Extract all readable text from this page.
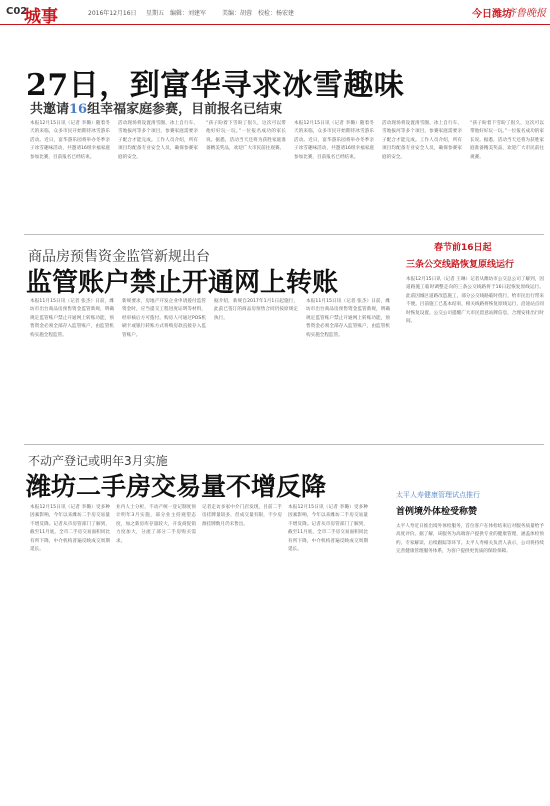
C02
城事	2016年12月16日 星期五 编辑：刘建军	美编：胡蓉 校检：杨宏建	今日潍坊
齐鲁晚报
27日，到富华寻求冰雪趣味
共邀请16组幸福家庭参赛，目前报名已结束
本报12月15日讯（记者 李璐）随着冬天的来临，众多市民开始期待冰雪游乐活动。近日，富华游乐园将举办冬季亲子冰雪趣味活动，共邀请16组幸福家庭参加比赛，目前报名已经结束。
活动现场将设置滑雪圈、冰上自行车、雪地拔河等多个项目，参赛家庭需要亲子配合才能完成。工作人员介绍，所有项目均配备专业安全人员，确保参赛家庭的安全。
“孩子盼着下雪盼了很久，这次可以带他好好玩一玩。”一位报名成功的家长说。据悉，活动当天还将为获胜家庭准备精美奖品，欢迎广大市民前往观赛。
本报12月15日讯（记者 李璐）随着冬天的来临，众多市民开始期待冰雪游乐活动。近日，富华游乐园将举办冬季亲子冰雪趣味活动，共邀请16组幸福家庭参加比赛，目前报名已经结束。
活动现场将设置滑雪圈、冰上自行车、雪地拔河等多个项目，参赛家庭需要亲子配合才能完成。工作人员介绍，所有项目均配备专业安全人员，确保参赛家庭的安全。
“孩子盼着下雪盼了很久，这次可以带他好好玩一玩。”一位报名成功的家长说。据悉，活动当天还将为获胜家庭准备精美奖品，欢迎广大市民前往观赛。
商品房预售资金监管新规出台
监管账户禁止开通网上转账
本报11月15日讯（记者 张杰）日前，潍坊市出台商品房预售资金监管新规，明确规定监管账户禁止开通网上转账功能，预售资金必须全部存入监管账户，由监管机构实施全程监管。
新规要求，房地产开发企业申请拨付监管资金时，应当提交工程进度证明等材料，经审核后方可拨付。购房人可通过POS机刷卡或银行转账方式将购房款直接存入监管账户。
据介绍，新规自2017年1月1日起施行，此前已签订的商品房预售合同仍按原规定执行。
本报11月15日讯（记者 张杰）日前，潍坊市出台商品房预售资金监管新规，明确规定监管账户禁止开通网上转账功能，预售资金必须全部存入监管账户，由监管机构实施全程监管。
春节前16日起
三条公交线路恢复原线运行
本报12月15日讯（记者 王琳）记者从潍坊市公交总公司了解到，因道路施工临时调整走向的三条公交线路将于16日起恢复原线运行。此前因城区道路改造施工，部分公交线路临时绕行，给市民出行带来不便。目前施工已基本结束，相关线路将恢复原线运行，沿途站点同时恢复设置。公交公司提醒广大市民留意站牌信息，合理安排出行时间。
不动产登记或明年3月实施
潍坊二手房交易量不增反降
本报12月15日讯（记者 李璐）受多种因素影响，今年以来潍坊二手房交易量不增反降。记者从市房管部门了解到，截至11月底，全市二手房交易面积同比有所下降，中介机构普遍反映成交周期延长。
业内人士分析，不动产统一登记制度预计明年3月实施，部分业主持观望态度，加之新房库存量较大，开发商促销力度加大，分流了部分二手房购买需求。
记者走访多家中介门店发现，目前二手房挂牌量较多，但成交量有限，不少房源挂牌数月仍未售出。
本报12月15日讯（记者 李璐）受多种因素影响，今年以来潍坊二手房交易量不增反降。记者从市房管部门了解到，截至11月底，全市二手房交易面积同比有所下降，中介机构普遍反映成交周期延长。
太平人寿健康管理试点推行
首例境外体检受称赞
太平人寿近日推出境外体检服务，首位客户在体检结束后对服务质量给予高度评价。据了解，该服务为高端客户提供专业的健康管理，涵盖体检预约、专家解读、后续跟踪等环节。太平人寿相关负责人表示，公司将持续完善健康管理服务体系，为客户提供更优质的保险保障。
